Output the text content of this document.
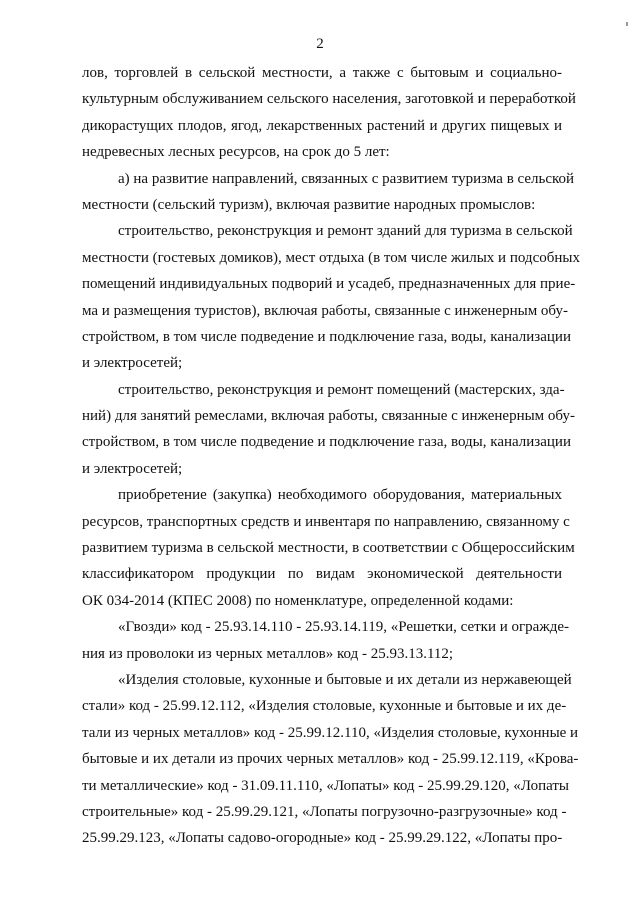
2
лов, торговлей в сельской местности, а также с бытовым и социально-
культурным обслуживанием сельского населения, заготовкой и переработкой
дикорастущих плодов, ягод, лекарственных растений и других пищевых и
недревесных лесных ресурсов, на срок до 5 лет:
а) на развитие направлений, связанных с развитием туризма в сельской
местности (сельский туризм), включая развитие народных промыслов:
строительство, реконструкция и ремонт зданий для туризма в сельской
местности (гостевых домиков), мест отдыха (в том числе жилых и подсобных
помещений индивидуальных подворий и усадеб, предназначенных для прие-
ма и размещения туристов), включая работы, связанные с инженерным обу-
стройством, в том числе подведение и подключение газа, воды, канализации
и электросетей;
строительство, реконструкция и ремонт помещений (мастерских, зда-
ний) для занятий ремеслами, включая работы, связанные с инженерным обу-
стройством, в том числе подведение и подключение газа, воды, канализации
и электросетей;
приобретение (закупка) необходимого оборудования, материальных
ресурсов, транспортных средств и инвентаря по направлению, связанному с
развитием туризма в сельской местности, в соответствии с Общероссийским
классификатором продукции по видам экономической деятельности
ОК 034-2014 (КПЕС 2008) по номенклатуре, определенной кодами:
«Гвозди» код - 25.93.14.110 - 25.93.14.119, «Решетки, сетки и огражде-
ния из проволоки из черных металлов» код - 25.93.13.112;
«Изделия столовые, кухонные и бытовые и их детали из нержавеющей
стали» код - 25.99.12.112, «Изделия столовые, кухонные и бытовые и их де-
тали из черных металлов» код - 25.99.12.110, «Изделия столовые, кухонные и
бытовые и их детали из прочих черных металлов» код - 25.99.12.119, «Крова-
ти металлические» код - 31.09.11.110, «Лопаты» код - 25.99.29.120, «Лопаты
строительные» код - 25.99.29.121, «Лопаты погрузочно-разгрузочные» код -
25.99.29.123, «Лопаты садово-огородные» код - 25.99.29.122, «Лопаты про-
